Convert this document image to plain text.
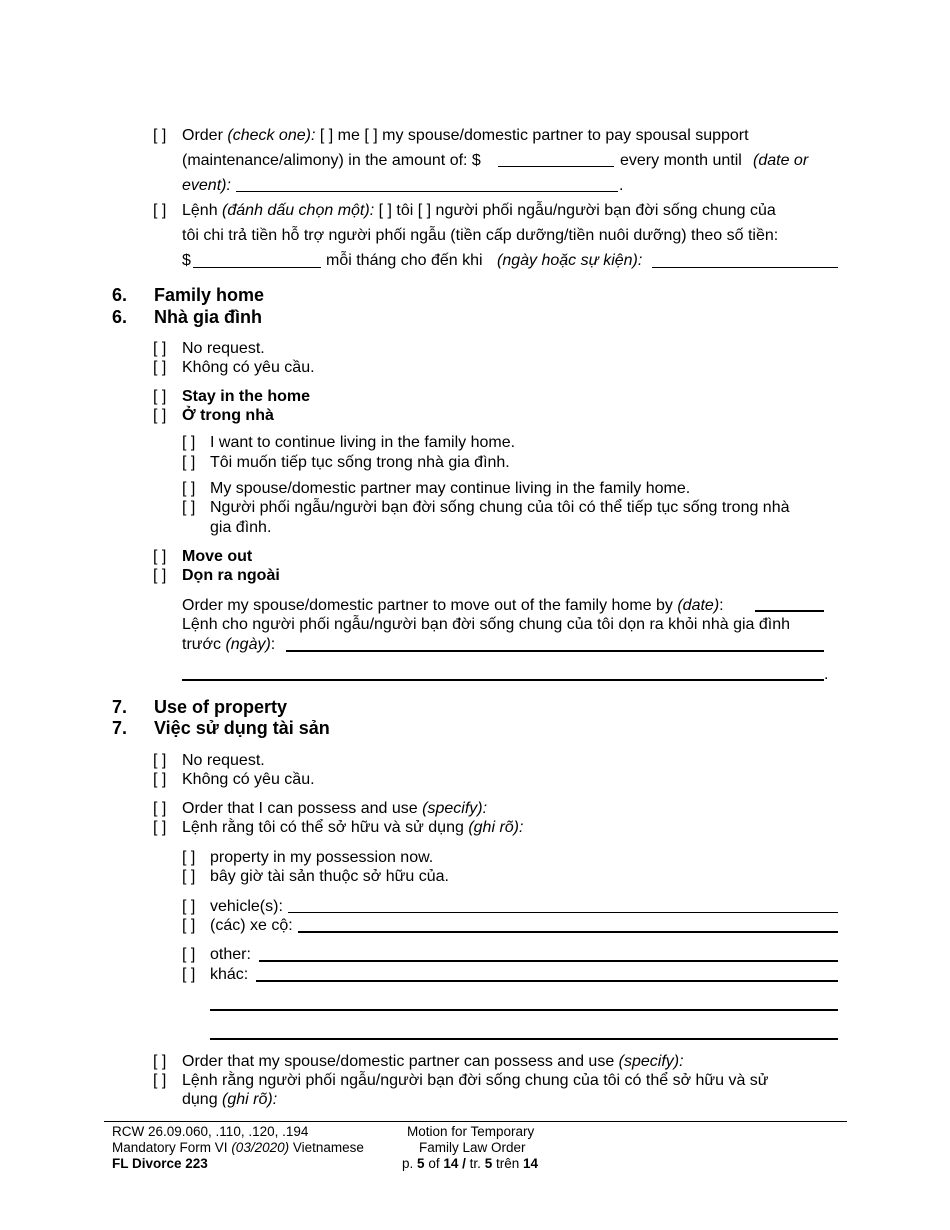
[ ] Order (check one): [ ] me [ ] my spouse/domestic partner to pay spousal support
(maintenance/alimony) in the amount of: $	every month until (date or
event):	.
[ ] Lệnh (đánh dấu chọn một): [ ] tôi [ ] người phối ngẫu/người bạn đời sống chung của
tôi chi trả tiền hỗ trợ người phối ngẫu (tiền cấp dưỡng/tiền nuôi dưỡng) theo số tiền:
$	mỗi tháng cho đến khi (ngày hoặc sự kiện):
6. Family home
6. Nhà gia đình
[ ] No request.
[ ] Không có yêu cầu.
[ ] Stay in the home
[ ] Ở trong nhà
[ ] I want to continue living in the family home.
[ ] Tôi muốn tiếp tục sống trong nhà gia đình.
[ ] My spouse/domestic partner may continue living in the family home.
[ ] Người phối ngẫu/người bạn đời sống chung của tôi có thể tiếp tục sống trong nhà
gia đình.
[ ] Move out
[ ] Dọn ra ngoài
Order my spouse/domestic partner to move out of the family home by (date):
Lệnh cho người phối ngẫu/người bạn đời sống chung của tôi dọn ra khỏi nhà gia đình
trước (ngày):
.
7. Use of property
7. Việc sử dụng tài sản
[ ] No request.
[ ] Không có yêu cầu.
[ ] Order that I can possess and use (specify):
[ ] Lệnh rằng tôi có thể sở hữu và sử dụng (ghi rõ):
[ ] property in my possession now.
[ ] bây giờ tài sản thuộc sở hữu của.
[ ] vehicle(s):
[ ] (các) xe cộ:
[ ] other:
[ ] khác:
[ ] Order that my spouse/domestic partner can possess and use (specify):
[ ] Lệnh rằng người phối ngẫu/người bạn đời sống chung của tôi có thể sở hữu và sử
dụng (ghi rõ):
RCW 26.09.060, .110, .120, .194
Mandatory Form VI (03/2020) Vietnamese
FL Divorce 223
Motion for Temporary
Family Law Order
p. 5 of 14 / tr. 5 trên 14
